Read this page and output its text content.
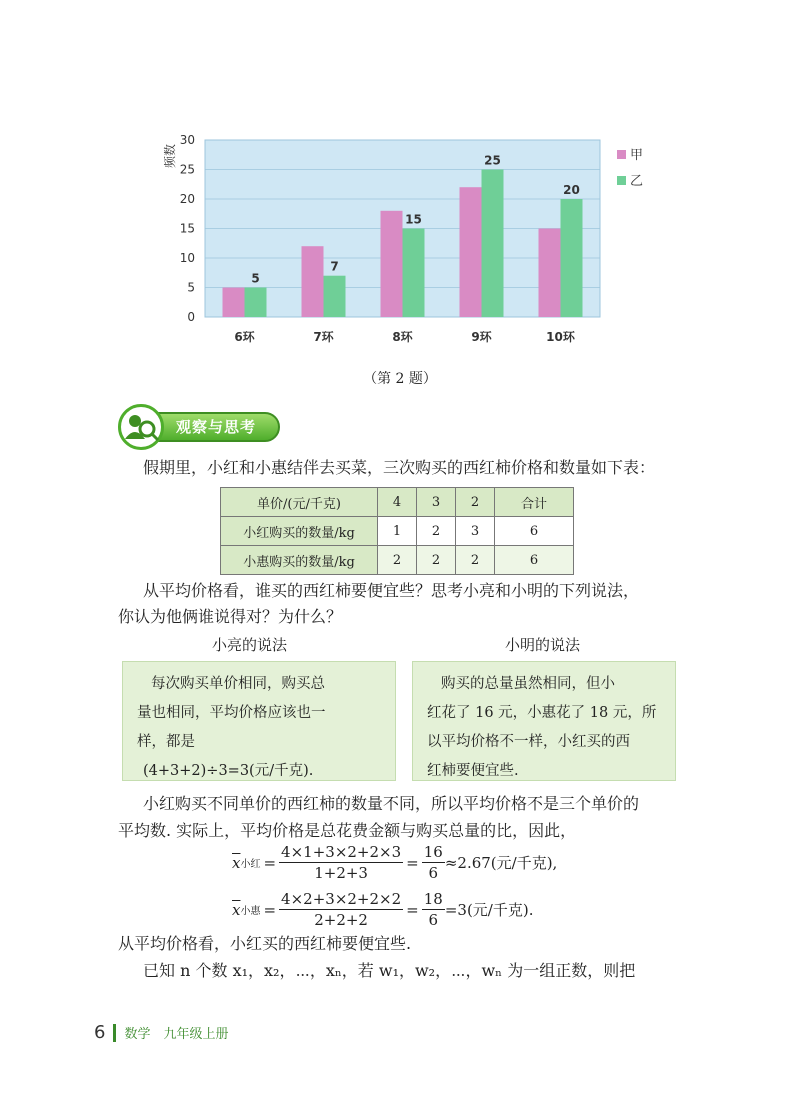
0
5
10
15
20
25
30
5
7
15
25
20
6环	7环	8环	9环	10环
频数	甲
乙
（第 2 题）
观察与思考
假期里，小红和小惠结伴去买菜，三次购买的西红柿价格和数量如下表：
单价/(元/千克)	4	3	2	合计
小红购买的数量/kg	1	2	3	6
小惠购买的数量/kg	2	2	2	6
从平均价格看，谁买的西红柿要便宜些？思考小亮和小明的下列说法，
你认为他俩谁说得对？为什么？
小亮的说法	小明的说法
每次购买单价相同，购买总
量也相同，平均价格应该也一
样，都是
(4+3+2)÷3=3(元/千克).
购买的总量虽然相同，但小
红花了 16 元，小惠花了 18 元，所
以平均价格不一样，小红买的西
红柿要便宜些.
小红购买不同单价的西红柿的数量不同，所以平均价格不是三个单价的
平均数. 实际上，平均价格是总花费金额与购买总量的比，因此，
$\overline{x}$ 小红 = $\frac{4\times 1+3\times 2+2\times 3}{1+2+3} = \frac{16}{6} \approx 2.67$(元/千克),
$\overline{x}$ 小惠 = $\frac{4\times 2+3\times 2+2\times 2}{2+2+2} = \frac{18}{6} =3$(元/千克).
从平均价格看，小红买的西红柿要便宜些.
已知 n 个数 x₁，x₂，⋯，xₙ，若 w₁，w₂，⋯，wₙ 为一组正数，则把
6 数学　九年级上册
